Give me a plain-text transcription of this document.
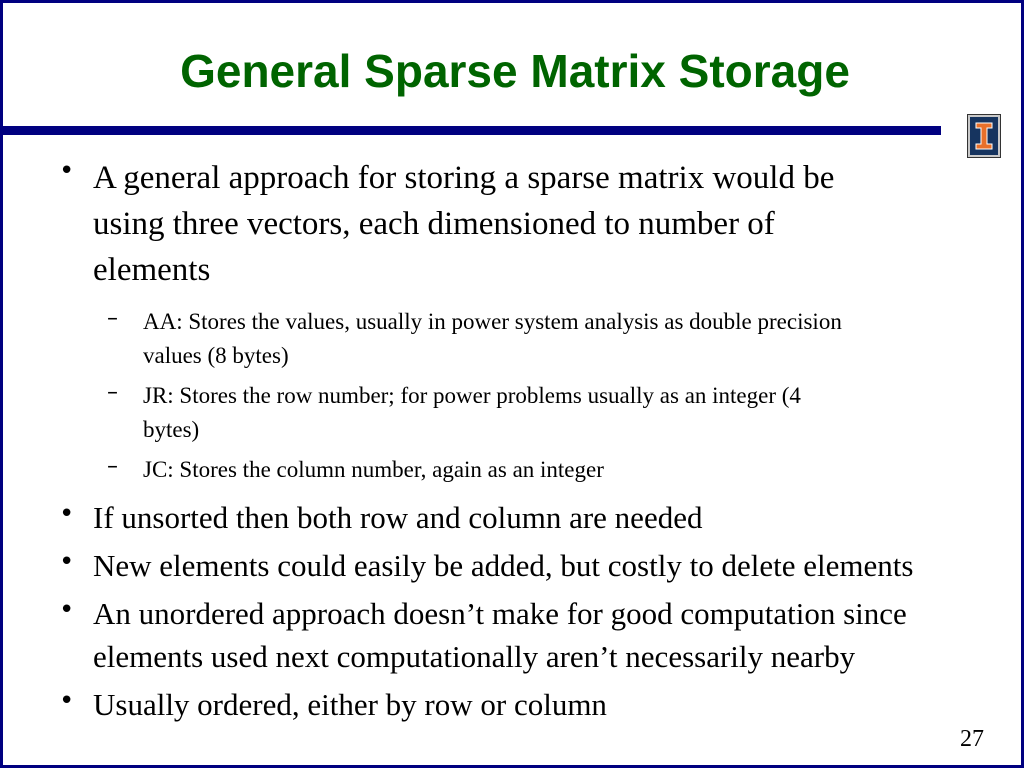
General Sparse Matrix Storage
• A general approach for storing a sparse matrix would be
using three vectors, each dimensioned to number of
elements
– AA: Stores the values, usually in power system analysis as double precision
values (8 bytes)
– JR: Stores the row number; for power problems usually as an integer (4
bytes)
– JC: Stores the column number, again as an integer
• If unsorted then both row and column are needed
• New elements could easily be added, but costly to delete elements
• An unordered approach doesn’t make for good computation since
elements used next computationally aren’t necessarily nearby
• Usually ordered, either by row or column
27
